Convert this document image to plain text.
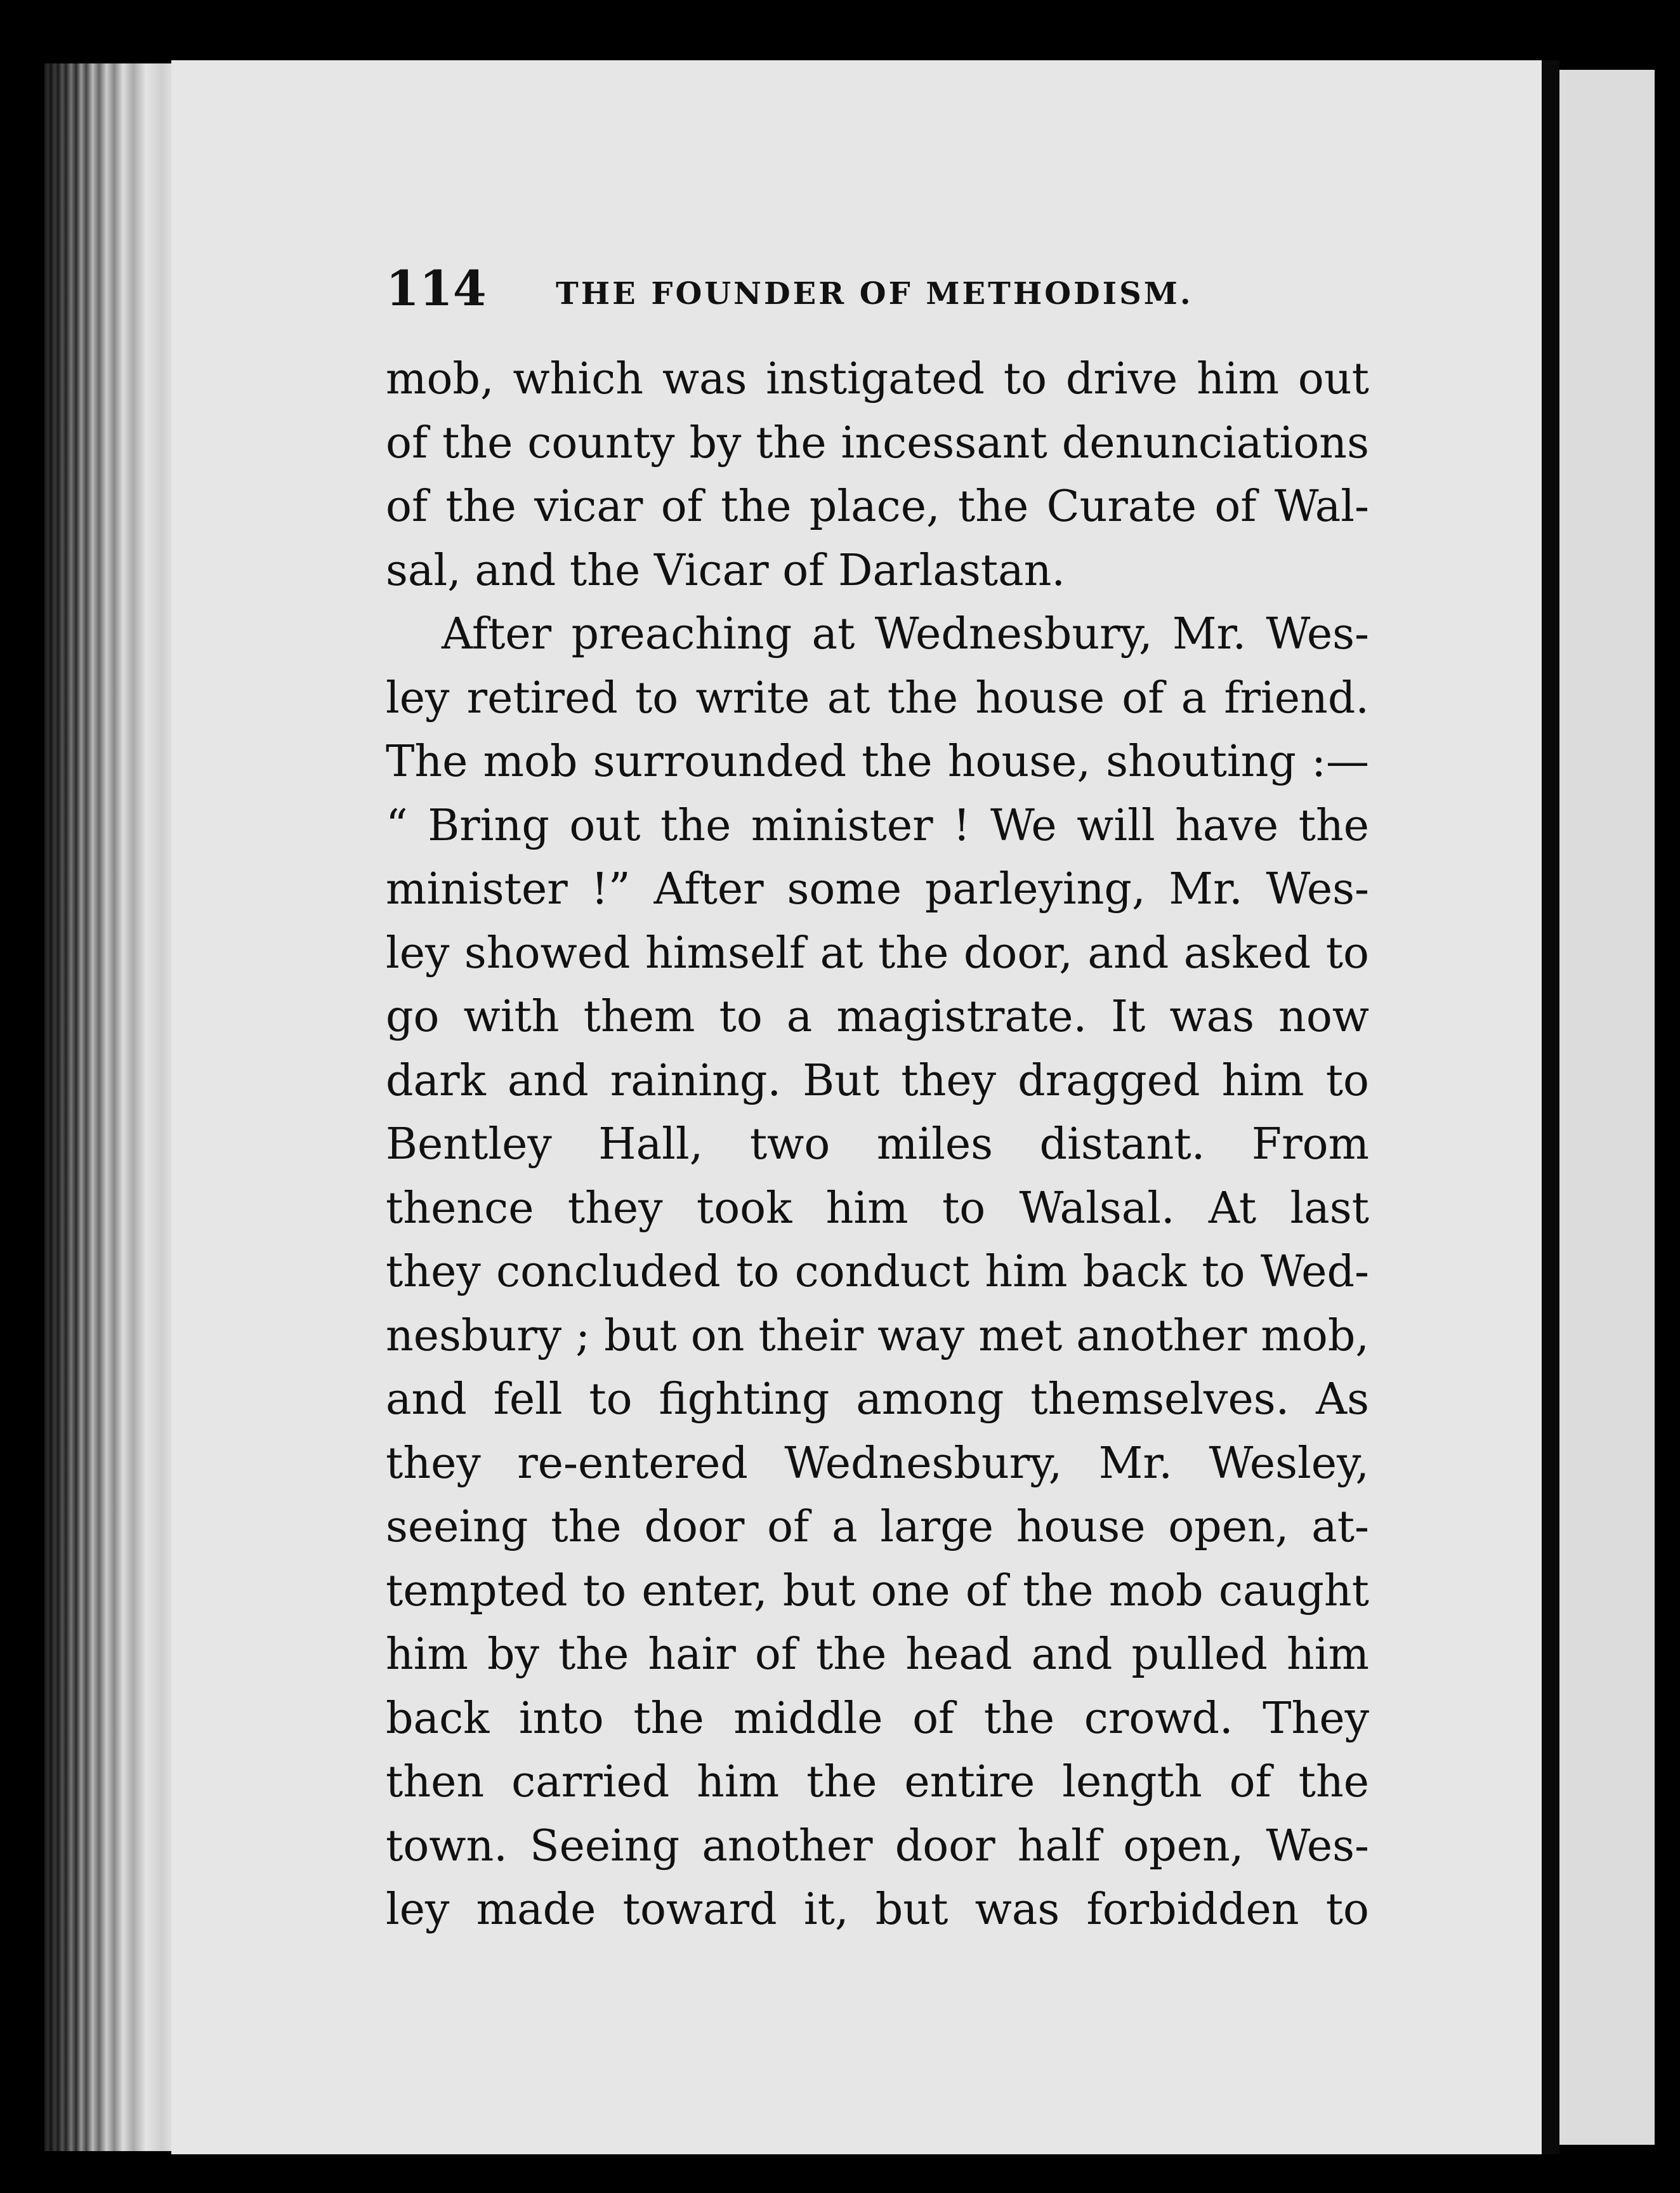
114 THE FOUNDER OF METHODISM.
mob, which was instigated to drive him out
of the county by the incessant denunciations
of the vicar of the place, the Curate of Wal-
sal, and the Vicar of Darlastan.
After preaching at Wednesbury, Mr. Wes-
ley retired to write at the house of a friend.
The mob surrounded the house, shouting :—
“ Bring out the minister ! We will have the
minister !” After some parleying, Mr. Wes-
ley showed himself at the door, and asked to
go with them to a magistrate. It was now
dark and raining. But they dragged him to
Bentley Hall, two miles distant. From
thence they took him to Walsal. At last
they concluded to conduct him back to Wed-
nesbury ; but on their way met another mob,
and fell to fighting among themselves. As
they re-entered Wednesbury, Mr. Wesley,
seeing the door of a large house open, at-
tempted to enter, but one of the mob caught
him by the hair of the head and pulled him
back into the middle of the crowd. They
then carried him the entire length of the
town. Seeing another door half open, Wes-
ley made toward it, but was forbidden to
